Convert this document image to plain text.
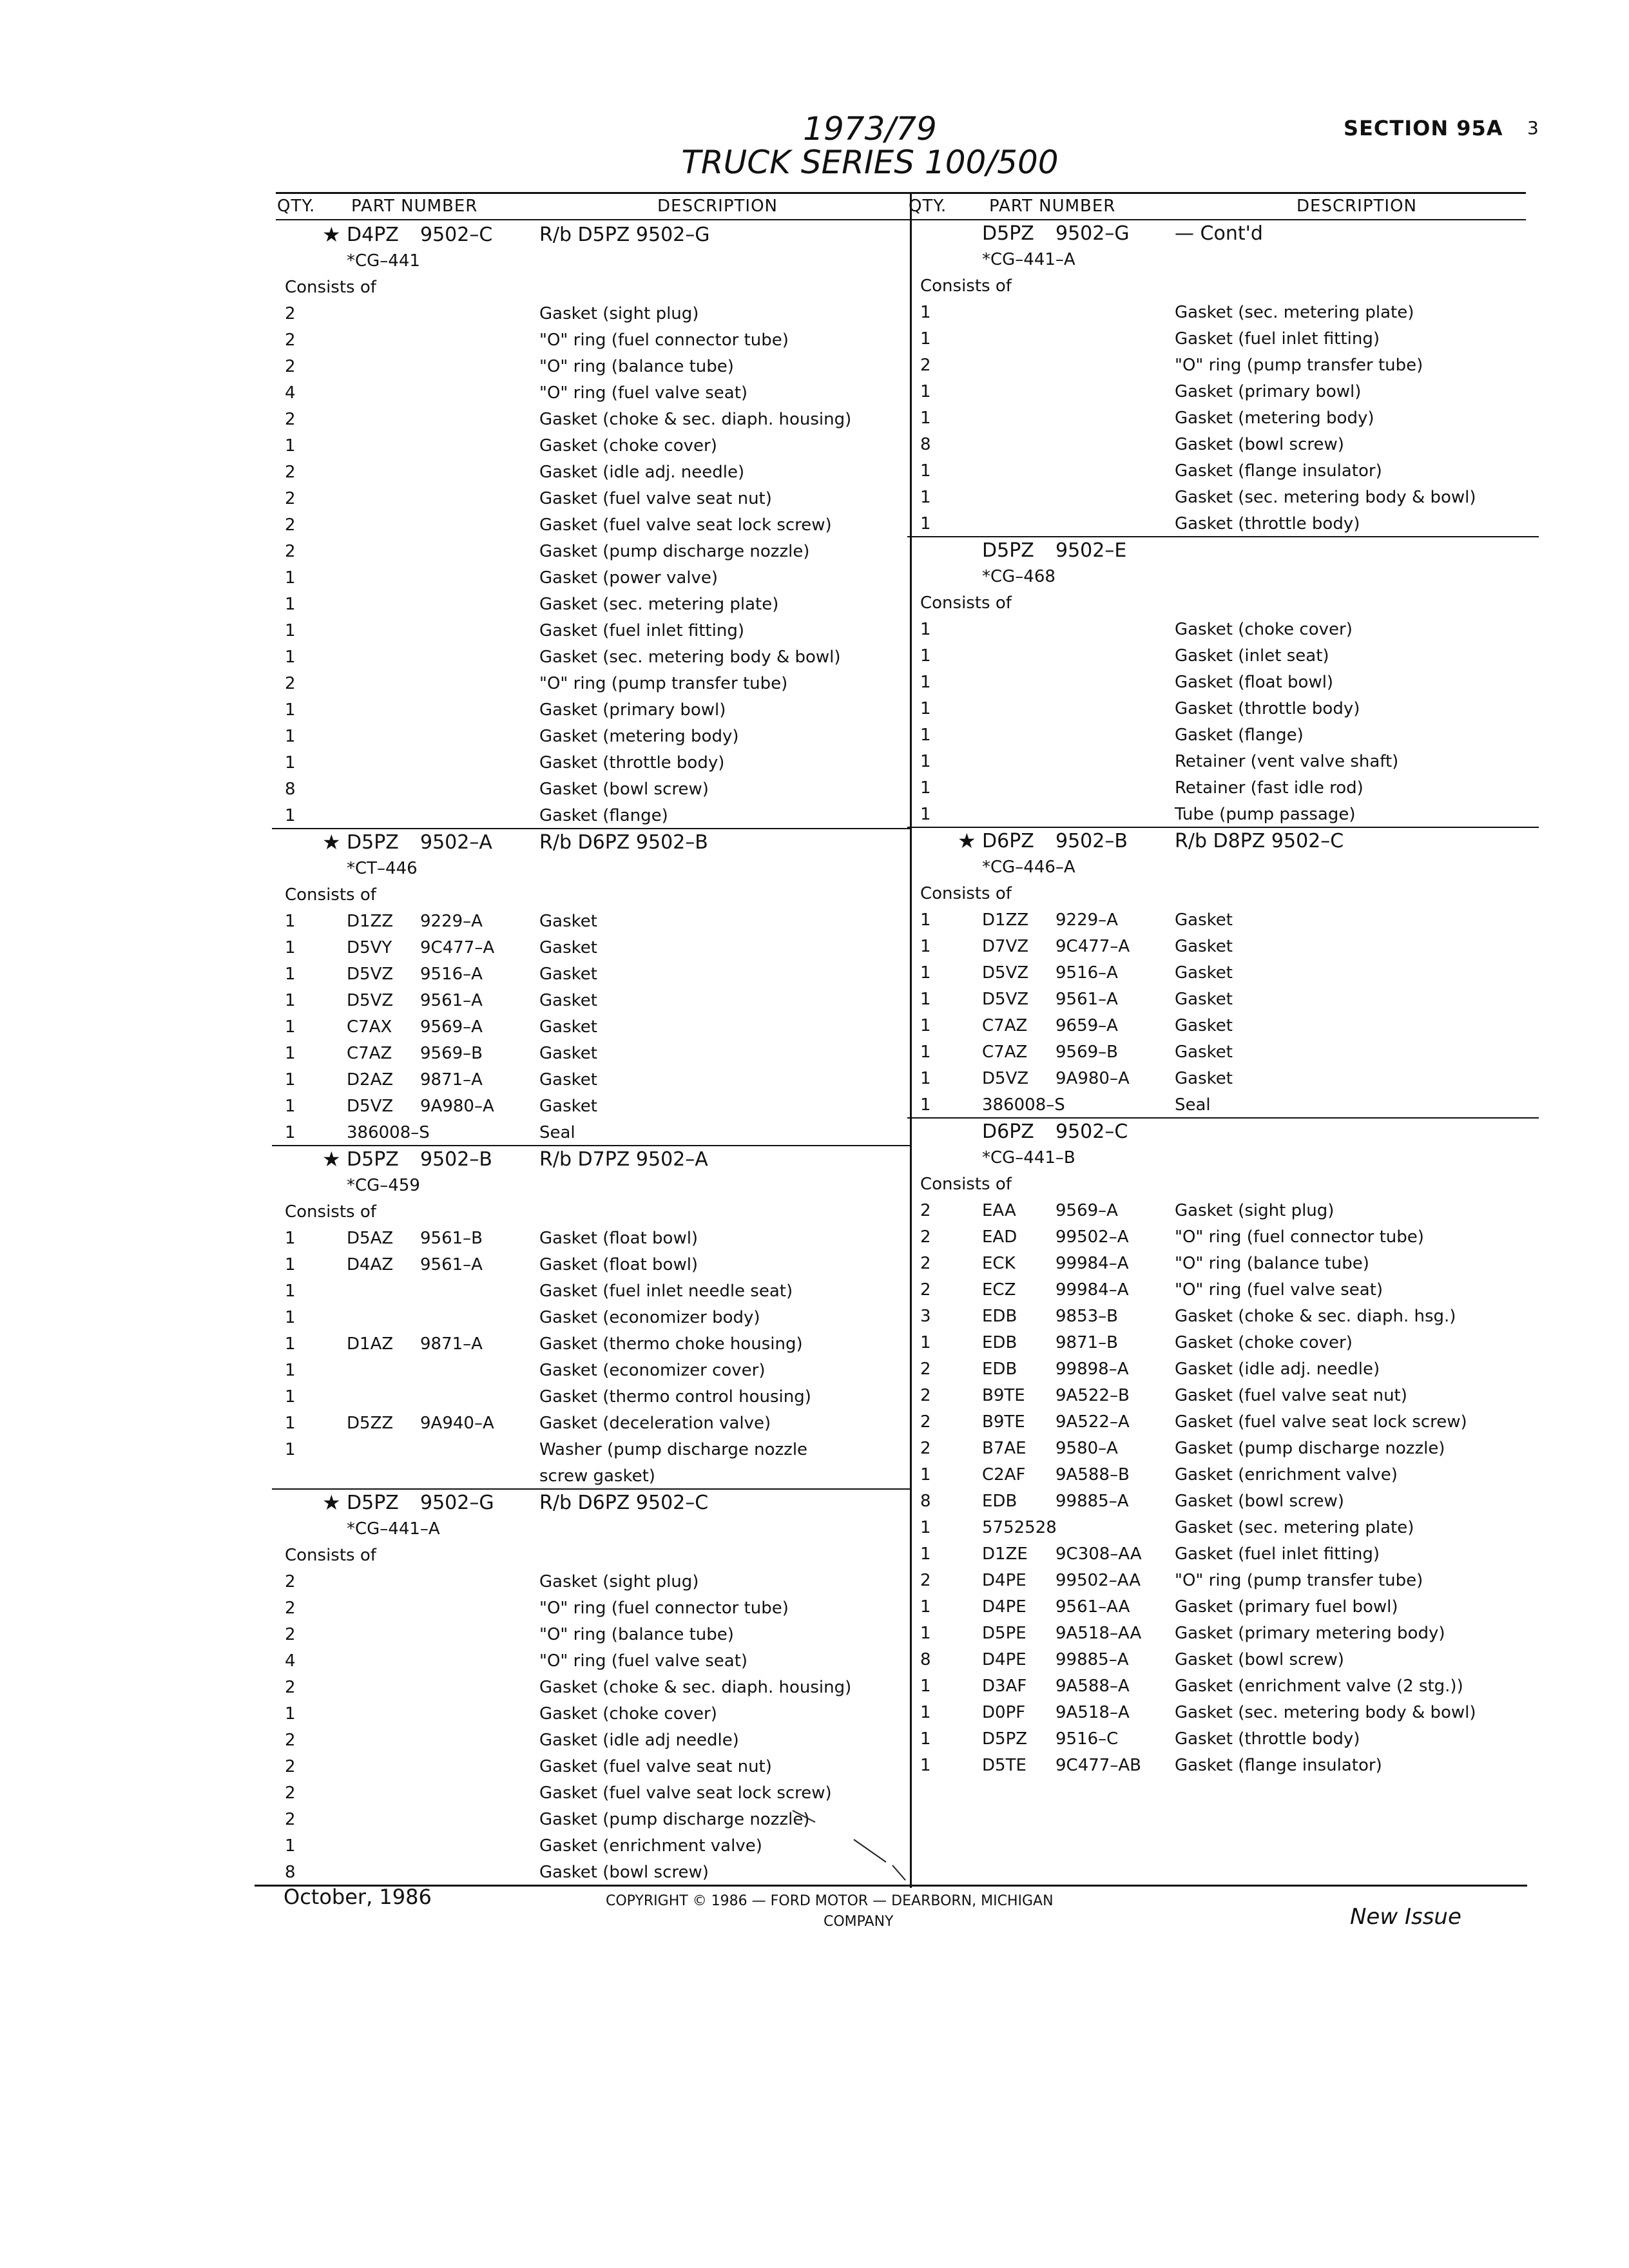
1973/79
TRUCK SERIES 100/500
SECTION 95A 3
QTY. PART NUMBER	DESCRIPTION	QTY.	PART NUMBER	DESCRIPTION
★ D4PZ 9502–C R/b D5PZ 9502–G
*CG–441
Consists of
2	Gasket (sight plug)
2	"O" ring (fuel connector tube)
2	"O" ring (balance tube)
4	"O" ring (fuel valve seat)
2	Gasket (choke & sec. diaph. housing)
1	Gasket (choke cover)
2	Gasket (idle adj. needle)
2	Gasket (fuel valve seat nut)
2	Gasket (fuel valve seat lock screw)
2	Gasket (pump discharge nozzle)
1	Gasket (power valve)
1	Gasket (sec. metering plate)
1	Gasket (fuel inlet fitting)
1	Gasket (sec. metering body & bowl)
2	"O" ring (pump transfer tube)
1	Gasket (primary bowl)
1	Gasket (metering body)
1	Gasket (throttle body)
8	Gasket (bowl screw)
1	Gasket (flange)
★ D5PZ 9502–A R/b D6PZ 9502–B
*CT–446
Consists of
1	D1ZZ 9229–A	Gasket
1	D5VY 9C477–A	Gasket
1	D5VZ 9516–A	Gasket
1	D5VZ 9561–A	Gasket
1	C7AX 9569–A	Gasket
1	C7AZ 9569–B	Gasket
1	D2AZ 9871–A	Gasket
1	D5VZ 9A980–A	Gasket
1	386008–S	Seal
★ D5PZ 9502–B R/b D7PZ 9502–A
*CG–459
Consists of
1	D5AZ 9561–B	Gasket (float bowl)
1	D4AZ 9561–A	Gasket (float bowl)
1	Gasket (fuel inlet needle seat)
1	Gasket (economizer body)
1	D1AZ 9871–A	Gasket (thermo choke housing)
1	Gasket (economizer cover)
1	Gasket (thermo control housing)
1	D5ZZ 9A940–A	Gasket (deceleration valve)
1	Washer (pump discharge nozzle
screw gasket)
★ D5PZ 9502–G R/b D6PZ 9502–C
*CG–441–A
Consists of
2	Gasket (sight plug)
2	"O" ring (fuel connector tube)
2	"O" ring (balance tube)
4	"O" ring (fuel valve seat)
2	Gasket (choke & sec. diaph. housing)
1	Gasket (choke cover)
2	Gasket (idle adj needle)
2	Gasket (fuel valve seat nut)
2	Gasket (fuel valve seat lock screw)
2	Gasket (pump discharge nozzle)
1	Gasket (enrichment valve)
8	Gasket (bowl screw)
D5PZ 9502–G — Cont'd
*CG–441–A
Consists of
1	Gasket (sec. metering plate)
1	Gasket (fuel inlet fitting)
2	"O" ring (pump transfer tube)
1	Gasket (primary bowl)
1	Gasket (metering body)
8	Gasket (bowl screw)
1	Gasket (flange insulator)
1	Gasket (sec. metering body & bowl)
1	Gasket (throttle body)
D5PZ 9502–E
*CG–468
Consists of
1	Gasket (choke cover)
1	Gasket (inlet seat)
1	Gasket (float bowl)
1	Gasket (throttle body)
1	Gasket (flange)
1	Retainer (vent valve shaft)
1	Retainer (fast idle rod)
1	Tube (pump passage)
★ D6PZ 9502–B R/b D8PZ 9502–C
*CG–446–A
Consists of
1	D1ZZ 9229–A	Gasket
1	D7VZ 9C477–A	Gasket
1	D5VZ 9516–A	Gasket
1	D5VZ 9561–A	Gasket
1	C7AZ 9659–A	Gasket
1	C7AZ 9569–B	Gasket
1	D5VZ 9A980–A	Gasket
1	386008–S	Seal
D6PZ 9502–C
*CG–441–B
Consists of
2	EAA 9569–A	Gasket (sight plug)
2	EAD 99502–A	"O" ring (fuel connector tube)
2	ECK 99984–A	"O" ring (balance tube)
2	ECZ 99984–A	"O" ring (fuel valve seat)
3	EDB 9853–B	Gasket (choke & sec. diaph. hsg.)
1	EDB 9871–B	Gasket (choke cover)
2	EDB 99898–A	Gasket (idle adj. needle)
2	B9TE 9A522–B	Gasket (fuel valve seat nut)
2	B9TE 9A522–A	Gasket (fuel valve seat lock screw)
2	B7AE 9580–A	Gasket (pump discharge nozzle)
1	C2AF 9A588–B	Gasket (enrichment valve)
8	EDB 99885–A	Gasket (bowl screw)
1	5752528	Gasket (sec. metering plate)
1	D1ZE 9C308–AA Gasket (fuel inlet fitting)
2	D4PE 99502–AA "O" ring (pump transfer tube)
1	D4PE 9561–AA	Gasket (primary fuel bowl)
1	D5PE 9A518–AA Gasket (primary metering body)
8	D4PE 99885–A	Gasket (bowl screw)
1	D3AF 9A588–A	Gasket (enrichment valve (2 stg.))
1	D0PF 9A518–A	Gasket (sec. metering body & bowl)
1	D5PZ 9516–C	Gasket (throttle body)
1	D5TE 9C477–AB Gasket (flange insulator)
October, 1986	COPYRIGHT © 1986 — FORD MOTOR — DEARBORN, MICHIGAN
COMPANY	New Issue
